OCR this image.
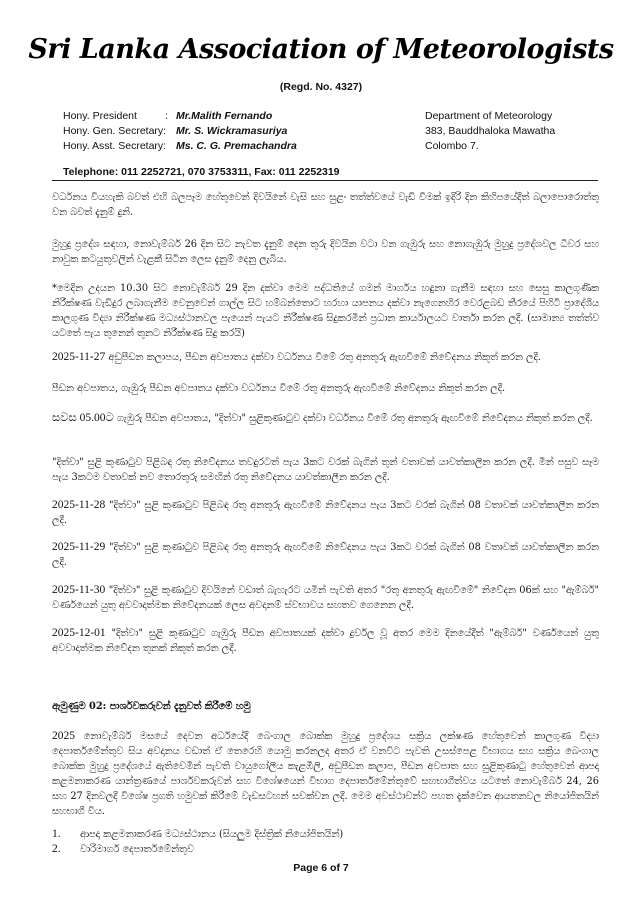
Sri Lanka Association of Meteorologists
(Regd. No. 4327)
Hony. President	: Mr.Malith Fernando
Hony. Gen. Secretary: Mr. S. Wickramasuriya
Hony. Asst. Secretary: Ms. C. G. Premachandra
Department of Meteorology
383, Bauddhaloka Mawatha
Colombo 7.
Telephone: 011 2252721, 070 3753311, Fax: 011 2252319
වර්ධනය වියහැකි බවත් එහි බලපෑම හේතුවෙන් දිවයිනේ වැසි සහ සුළං තත්ත්වයේ වැඩි වීමක් ඉදිරි දින කිහිපයේදීත් බලාපොරොත්තු වන බවත් දැනුම් දුනි.
මුහුදු ප්‍රදේශ සඳහා, නොවැම්බර් 26 දින සිට නැවත දැනුම් දෙන තුරු දිවයින වටා වන ගැඹුරු සහ නොගැඹුරු මුහුදු ප්‍රදේශවල ධීවර සහ නාවුක කටයුතුවලින් වැළකී සිටින ලෙස දැනුම් දෙනු ලැබිය.
*මෙදින උදයන 10.30 සිට නොවැම්බර් 29 දින දක්වා මෙම පද්ධතියේ ගමන් මාර්ගය හඳුනා ගැනීම සඳහා සහ සෙසු කාලගුණික නිරීක්ෂණ වැඩිදුර ලබාගැනීම වෙනුවෙන් ගාල්ල සිට හම්බන්තොට හරහා යාපනය දක්වා නැගෙනහිර වෙරළබඩ තීරයේ පිහිටි ප්‍රාදේශීය කාලගුණ විද්‍යා නිරීක්ෂණ මධ්‍යස්ථානවල පැයෙන් පැයට නිරීක්ෂණ සිදුකරමින් ප්‍රධාන කාර්යාලයට වාර්තා කරන ලදී. (සාමාන්‍ය තත්ත්ව යටතේ පැය තුනෙන් තුනට නිරීක්ෂණ සිදු කරයි)
2025-11-27 අඩුපීඩන කලාපය, පීඩන අවපාතය දක්වා වර්ධනය වීමේ රතු අනතුරු ඇඟවීමේ නිවේදනය නිකුත් කරන ලදී.
පීඩන අවපාතය, ගැඹුරු පීඩන අවපාතය දක්වා වර්ධනය වීමේ රතු අනතුරු ඇඟවීමේ නිවේදනය නිකුත් කරන ලදී.
සවස 05.00ට ගැඹුරු පීඩන අවපාතය, "දිත්වා" සුළිකුණාටුව දක්වා වර්ධනය වීමේ රතු අනතුරු ඇඟවීමේ නිවේදනය නිකුත් කරන ලදී.
"දිත්වා" සුළි කුණාටුව පිළිබඳ රතු නිවේදනය තවදුරටත් පැය 3කට වරක් බැගින් තුන් වතාවක් යාවත්කාලීන කරන ලදී. මින් පසුව සෑම පැය 3කටම වතාවක් නව තොරතුරු සමඟින් රතු නිවේදනය යාවත්කාලීන කරන ලදී.
2025-11-28 "දිත්වා" සුළි කුණාටුව පිළිබඳ රතු අනතුරු ඇඟවීමේ නිවේදනය පැය 3කට වරක් බැගින් 08 වතාවක් යාවත්කාලීන කරන ලදී.
2025-11-29 "දිත්වා" සුළි කුණාටුව පිළිබඳ රතු අනතුරු ඇඟවීමේ නිවේදනය පැය 3කට වරක් බැගින් 08 වතාවක් යාවත්කාලීන කරන ලදී.
2025-11-30 "දිත්වා" සුළි කුණාටුව දිවයිනේ වඩාත් බැහැරට යමින් පැවති අතර "රතු අනතුරු ඇඟවීමේ" නිවේදන 06ක් සහ "ඇම්බර්" වර්ණයෙන් යුතු අවවාදාත්මක නිවේදනයක් ලෙස අවදානම් ස්වභාවය සහතව ගෙනෙන ලදී.
2025-12-01 "දිත්වා" සුළි කුණාටුව ගැඹුරු පීඩන අවපාතයක් දක්වා දුර්වල වූ අතර මෙම දිනයේදීත් "ඇම්බර්" වර්ණයෙන් යුතු අවවාදාත්මක නිවේදන තුනක් නිකුත් කරන ලදී.
ඇමුණුම 02: පාර්ශවකරුවන් දැනුවත් කිරීමේ හමු
2025 නොවැම්බර් මසයේ දෙවන අර්ධයේදී බෙංගාල බොක්ක මුහුදු ප්‍රදේශය සක්‍රිය ලක්ෂණ හේතුවෙන් කාලගුණ විද්‍යා දෙපාර්තමේන්තුව සිය අවදානය වඩාත් ඒ තෙරෙහි යොමු කරනලද අතර ඒ වනවිට පැවති උසස්පෙළ විභාගය සහ සක්‍රිය බෙංගාල බොක්ක මුහුදු ප්‍රදේශයේ ඇතිවෙමින් පැවති වායුගෝලීය කැළඹීලි, අඩුපීඩන කලාප, පීඩන අවපාත සහ සුළිකුණාටු හේතුවෙන් ආපදා කළමනාකරණ යාන්ත්‍රණයේ පාර්ශවකරුවන් සහ විශේෂයෙන් විභාග දෙපාර්තමේන්තුවේ සහභාගීත්වය යටතේ නොවැම්බර් 24, 26 සහ 27 දිනවලදී විශේෂ ප්‍රගති හමුවක් කිරීමේ වැඩසටහන් සවක්වන ලදී. මෙම අවස්ථාවන්ට පහත දැක්වෙන ආයතනවල නියෝජිතයින් සහභාගී විය.
1. ආපදා කළමනාකරණ මධ්‍යස්ථානය (සියලුම දිස්ත්‍රික් නියෝජිතයින්)
2. වාරිමාර්ග දෙපාර්තමේන්තුව
Page 6 of 7
